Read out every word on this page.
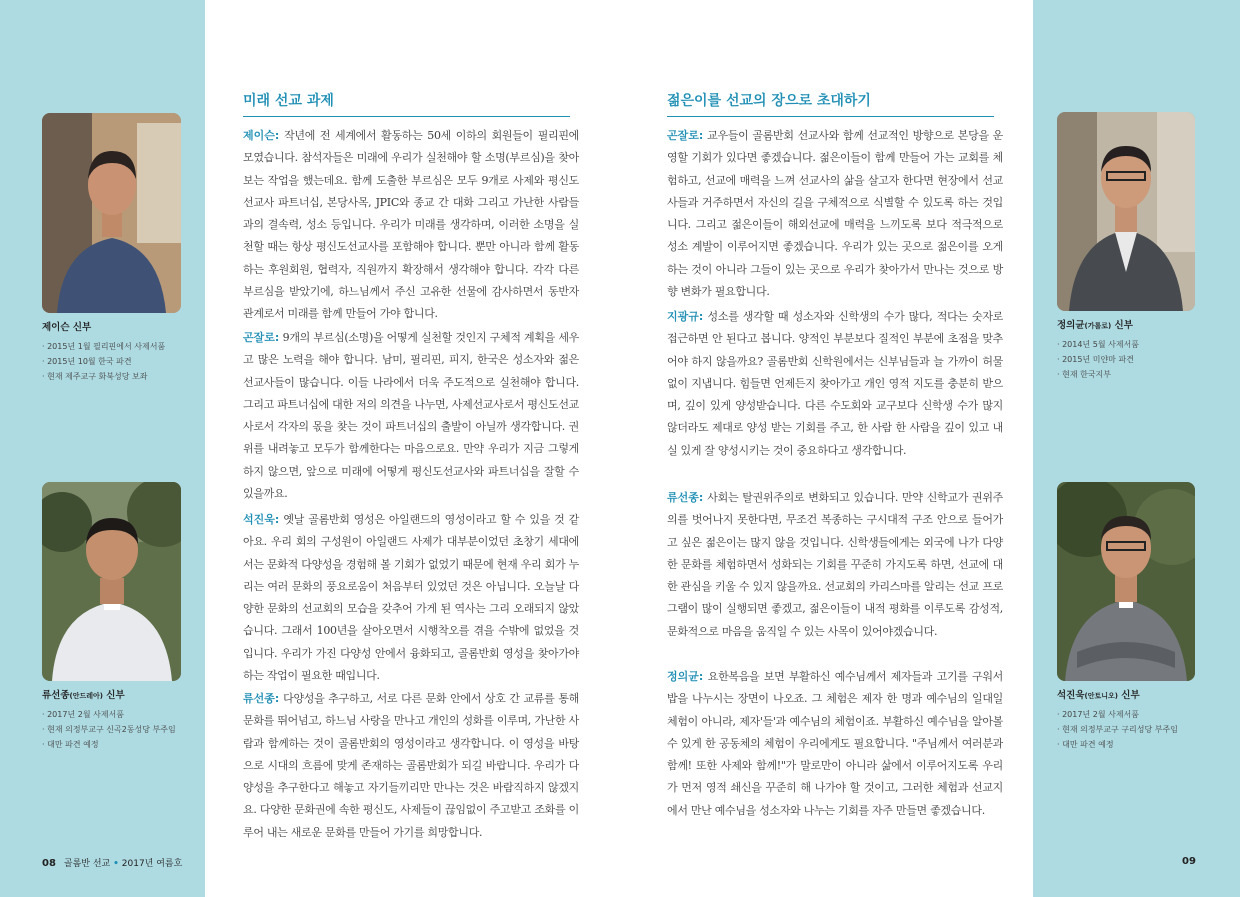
제이슨 신부
· 2015년 1월 필리핀에서 사제서품
· 2015년 10월 한국 파견
· 현재 제주교구 화북성당 보좌
류선종(안드레아) 신부
· 2017년 2월 사제서품
· 현재 의정부교구 신곡2동성당 부주임
· 대만 파견 예정
정의균(가롤로) 신부
· 2014년 5월 사제서품
· 2015년 미얀마 파견
· 현재 한국지부
석진욱(안토니오) 신부
· 2017년 2월 사제서품
· 현재 의정부교구 구리성당 부주임
· 대만 파견 예정
미래 선교 과제	젊은이를 선교의 장으로 초대하기
제이슨: 작년에 전 세계에서 활동하는 50세 이하의 회원들이 필리핀에 모였습니다. 참석자들은 미래에 우리가 실천해야 할 소명(부르심)을 찾아보는 작업을 했는데요. 함께 도출한 부르심은 모두 9개로 사제와 평신도선교사 파트너십, 본당사목, JPIC와 종교 간 대화 그리고 가난한 사람들과의 결속력, 성소 등입니다. 우리가 미래를 생각하며, 이러한 소명을 실천할 때는 항상 평신도선교사를 포함해야 합니다. 뿐만 아니라 함께 활동하는 후원회원, 협력자, 직원까지 확장해서 생각해야 합니다. 각각 다른 부르심을 받았기에, 하느님께서 주신 고유한 선물에 감사하면서 동반자 관계로서 미래를 함께 만들어 가야 합니다.
곤잘로: 9개의 부르심(소명)을 어떻게 실천할 것인지 구체적 계획을 세우고 많은 노력을 해야 합니다. 남미, 필리핀, 피지, 한국은 성소자와 젊은 선교사들이 많습니다. 이들 나라에서 더욱 주도적으로 실천해야 합니다. 그리고 파트너십에 대한 저의 의견을 나누면, 사제선교사로서 평신도선교사로서 각자의 몫을 찾는 것이 파트너십의 출발이 아닐까 생각합니다. 권위를 내려놓고 모두가 함께한다는 마음으로요. 만약 우리가 지금 그렇게 하지 않으면, 앞으로 미래에 어떻게 평신도선교사와 파트너십을 잘할 수 있을까요.
석진욱: 옛날 골롬반회 영성은 아일랜드의 영성이라고 할 수 있을 것 같아요. 우리 회의 구성원이 아일랜드 사제가 대부분이었던 초창기 세대에서는 문화적 다양성을 경험해 볼 기회가 없었기 때문에 현재 우리 회가 누리는 여러 문화의 풍요로움이 처음부터 있었던 것은 아닙니다. 오늘날 다양한 문화의 선교회의 모습을 갖추어 가게 된 역사는 그리 오래되지 않았습니다. 그래서 100년을 살아오면서 시행착오를 겪을 수밖에 없었을 것입니다. 우리가 가진 다양성 안에서 융화되고, 골롬반회 영성을 찾아가야 하는 작업이 필요한 때입니다.
류선종: 다양성을 추구하고, 서로 다른 문화 안에서 상호 간 교류를 통해 문화를 뛰어넘고, 하느님 사랑을 만나고 개인의 성화를 이루며, 가난한 사람과 함께하는 것이 골롬반회의 영성이라고 생각합니다. 이 영성을 바탕으로 시대의 흐름에 맞게 존재하는 골롬반회가 되길 바랍니다. 우리가 다양성을 추구한다고 해놓고 자기들끼리만 만나는 것은 바람직하지 않겠지요. 다양한 문화권에 속한 평신도, 사제들이 끊임없이 주고받고 조화를 이루어 내는 새로운 문화를 만들어 가기를 희망합니다.
곤잘로: 교우들이 골롬반회 선교사와 함께 선교적인 방향으로 본당을 운영할 기회가 있다면 좋겠습니다. 젊은이들이 함께 만들어 가는 교회를 체험하고, 선교에 매력을 느껴 선교사의 삶을 살고자 한다면 현장에서 선교사들과 거주하면서 자신의 길을 구체적으로 식별할 수 있도록 하는 것입니다. 그리고 젊은이들이 해외선교에 매력을 느끼도록 보다 적극적으로 성소 계발이 이루어지면 좋겠습니다. 우리가 있는 곳으로 젊은이를 오게 하는 것이 아니라 그들이 있는 곳으로 우리가 찾아가서 만나는 것으로 방향 변화가 필요합니다.
지광규: 성소를 생각할 때 성소자와 신학생의 수가 많다, 적다는 숫자로 접근하면 안 된다고 봅니다. 양적인 부분보다 질적인 부분에 초점을 맞추어야 하지 않을까요? 골롬반회 신학원에서는 신부님들과 늘 가까이 허물없이 지냅니다. 힘들면 언제든지 찾아가고 개인 영적 지도를 충분히 받으며, 깊이 있게 양성받습니다. 다른 수도회와 교구보다 신학생 수가 많지 않더라도 제대로 양성 받는 기회를 주고, 한 사람 한 사람을 깊이 있고 내실 있게 잘 양성시키는 것이 중요하다고 생각합니다.
류선종: 사회는 탈권위주의로 변화되고 있습니다. 만약 신학교가 권위주의를 벗어나지 못한다면, 무조건 복종하는 구시대적 구조 안으로 들어가고 싶은 젊은이는 많지 않을 것입니다. 신학생들에게는 외국에 나가 다양한 문화를 체험하면서 성화되는 기회를 꾸준히 가지도록 하면, 선교에 대한 관심을 키울 수 있지 않을까요. 선교회의 카리스마를 알리는 선교 프로그램이 많이 실행되면 좋겠고, 젊은이들이 내적 평화를 이루도록 감성적, 문화적으로 마음을 움직일 수 있는 사목이 있어야겠습니다.
정의균: 요한복음을 보면 부활하신 예수님께서 제자들과 고기를 구워서 밥을 나누시는 장면이 나오죠. 그 체험은 제자 한 명과 예수님의 일대일 체험이 아니라, 제자'들'과 예수님의 체험이죠. 부활하신 예수님을 알아볼 수 있게 한 공동체의 체험이 우리에게도 필요합니다. "주님께서 여러분과 함께! 또한 사제와 함께!"가 말로만이 아니라 삶에서 이루어지도록 우리가 먼저 영적 쇄신을 꾸준히 해 나가야 할 것이고, 그러한 체험과 선교지에서 만난 예수님을 성소자와 나누는 기회를 자주 만들면 좋겠습니다.
08 골롬반 선교 • 2017년 여름호	09
